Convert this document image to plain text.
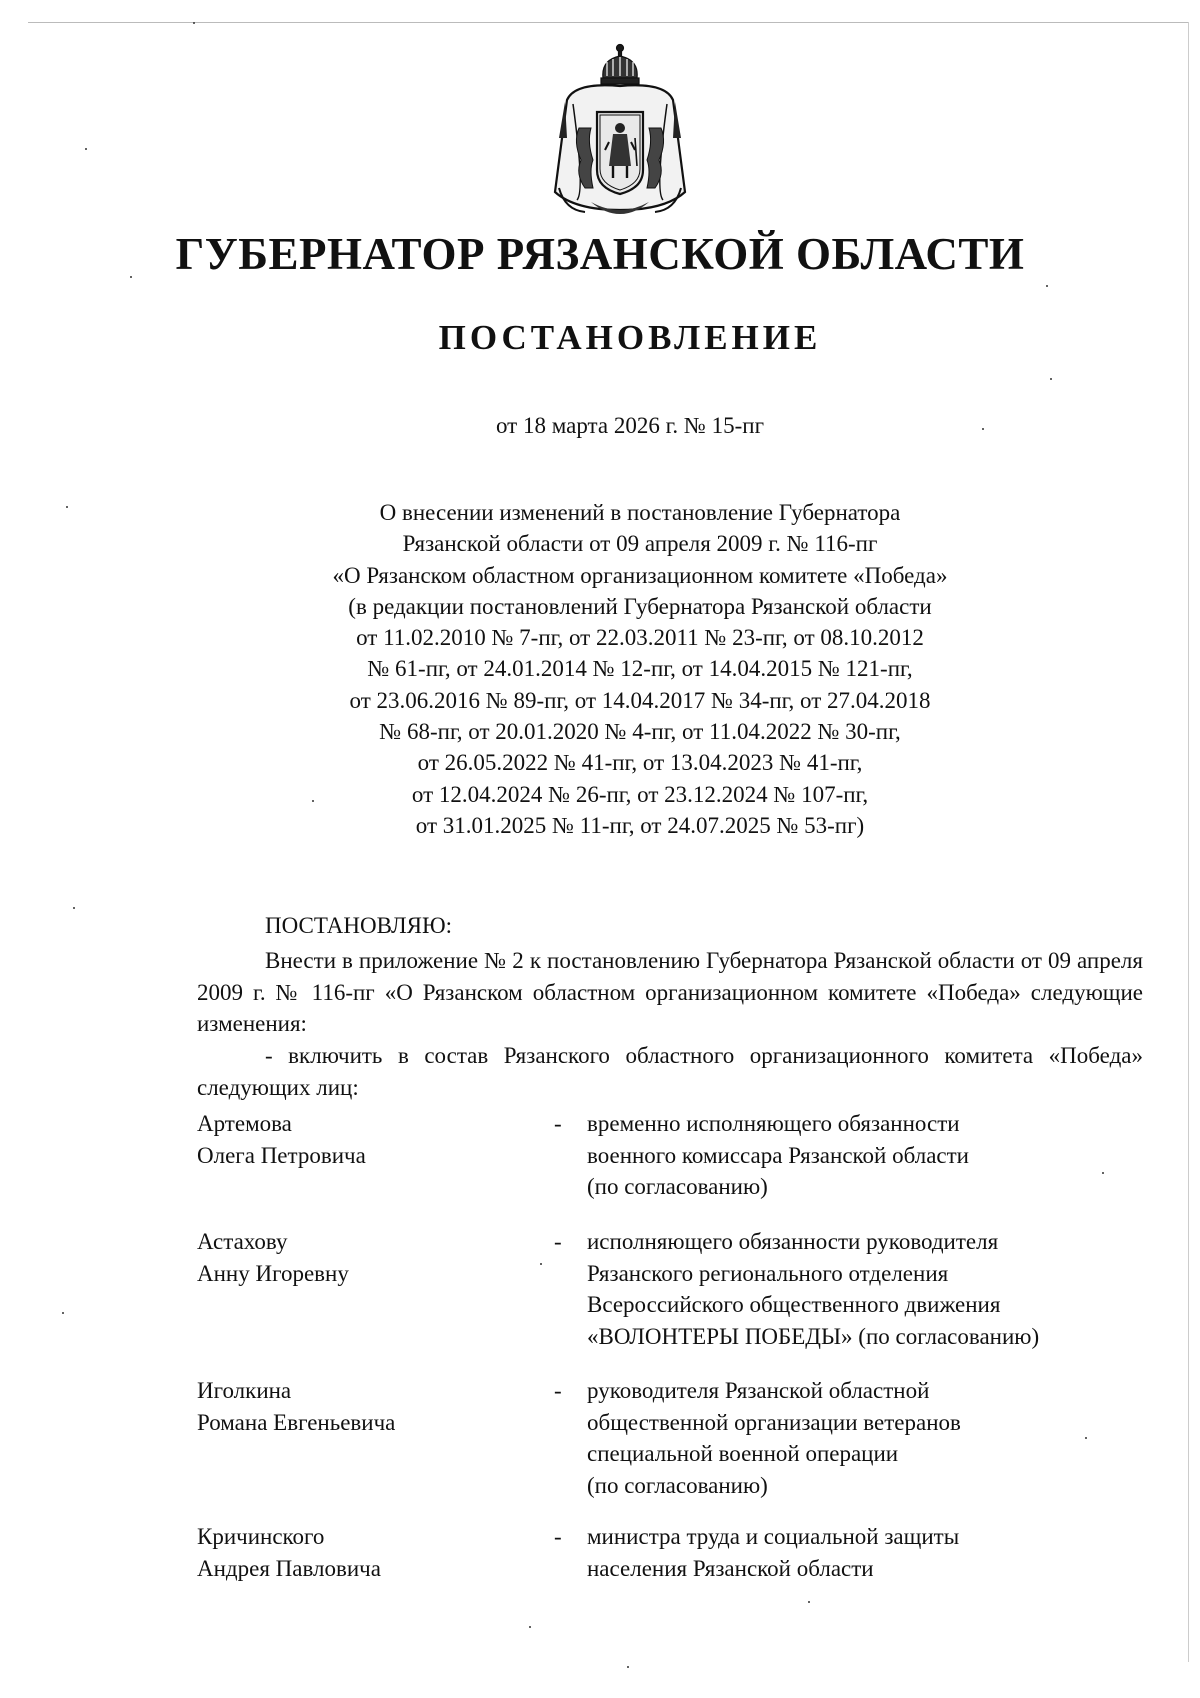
ГУБЕРНАТОР РЯЗАНСКОЙ ОБЛАСТИ
ПОСТАНОВЛЕНИЕ
от 18 марта 2026 г. № 15-пг
О внесении изменений в постановление Губернатора
Рязанской области от 09 апреля 2009 г. № 116-пг
«О Рязанском областном организационном комитете «Победа»
(в редакции постановлений Губернатора Рязанской области
от 11.02.2010 № 7-пг, от 22.03.2011 № 23-пг, от 08.10.2012
№ 61-пг, от 24.01.2014 № 12-пг, от 14.04.2015 № 121-пг,
от 23.06.2016 № 89-пг, от 14.04.2017 № 34-пг, от 27.04.2018
№ 68-пг, от 20.01.2020 № 4-пг, от 11.04.2022 № 30-пг,
от 26.05.2022 № 41-пг, от 13.04.2023 № 41-пг,
от 12.04.2024 № 26-пг, от 23.12.2024 № 107-пг,
от 31.01.2025 № 11-пг, от 24.07.2025 № 53-пг)
ПОСТАНОВЛЯЮ:

Внести в приложение № 2 к постановлению Губернатора Рязанской области от 09 апреля 2009 г. № 116-пг «О Рязанском областном организационном комитете «Победа» следующие изменения:

- включить в состав Рязанского областного организационного комитета «Победа» следующих лиц:

Артемова
Олега Петровича
- временно исполняющего обязанности
военного комиссара Рязанской области
(по согласованию)
Астахову
Анну Игоревну
- исполняющего обязанности руководителя
Рязанского регионального отделения
Всероссийского общественного движения
«ВОЛОНТЕРЫ ПОБЕДЫ» (по согласованию)
Иголкина
Романа Евгеньевича
- руководителя Рязанской областной
общественной организации ветеранов
специальной военной операции
(по согласованию)
Кричинского
Андрея Павловича
- министра труда и социальной защиты
населения Рязанской области
